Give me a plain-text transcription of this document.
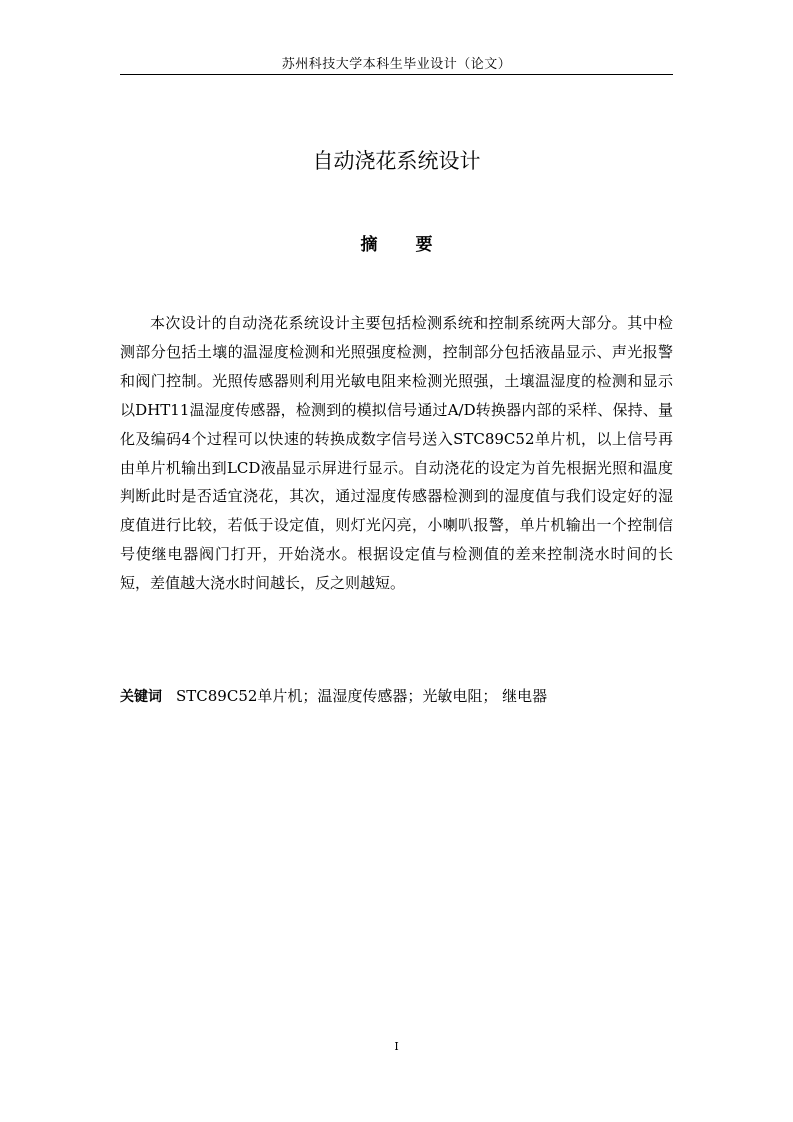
苏州科技大学本科生毕业设计（论文）
自动浇花系统设计
摘 要

本次设计的自动浇花系统设计主要包括检测系统和控制系统两大部分。其中检测部分包括土壤的温湿度检测和光照强度检测，控制部分包括液晶显示、声光报警和阀门控制。光照传感器则利用光敏电阻来检测光照强，土壤温湿度的检测和显示以DHT11温湿度传感器，检测到的模拟信号通过A/D转换器内部的采样、保持、量化及编码4个过程可以快速的转换成数字信号送入STC89C52单片机，以上信号再由单片机输出到LCD液晶显示屏进行显示。自动浇花的设定为首先根据光照和温度判断此时是否适宜浇花，其次，通过湿度传感器检测到的湿度值与我们设定好的湿度值进行比较，若低于设定值，则灯光闪亮，小喇叭报警，单片机输出一个控制信号使继电器阀门打开，开始浇水。根据设定值与检测值的差来控制浇水时间的长短，差值越大浇水时间越长，反之则越短。

关键词 STC89C52单片机；温湿度传感器；光敏电阻； 继电器
I
